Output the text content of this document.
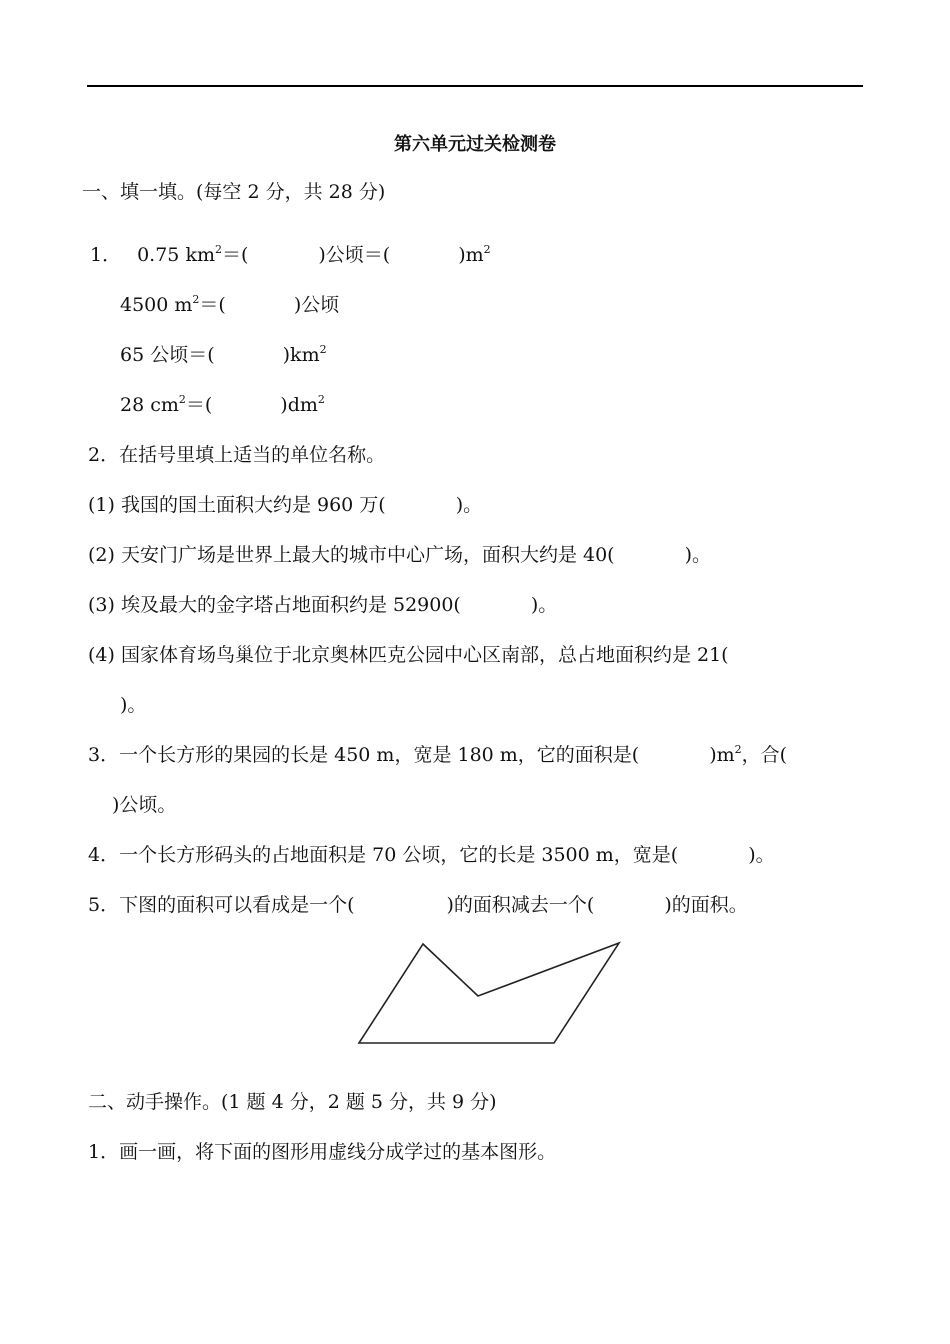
第六单元过关检测卷
一、填一填。(每空 2 分，共 28 分)
1． 0.75 $km^2=$(	)公顷＝(	)$m^2$
4500 $m^2=$(	)公顷
65 公顷＝(	)$km^2$
28 $cm^2=$(	)$dm^2$
2．在括号里填上适当的单位名称。
(1) 我国的国土面积大约是 960 万(	)。
(2) 天安门广场是世界上最大的城市中心广场，面积大约是 40(	)。
(3) 埃及最大的金字塔占地面积约是 52900(	)。
(4) 国家体育场鸟巢位于北京奥林匹克公园中心区南部，总占地面积约是 21(
)。
3．一个长方形的果园的长是 450 m，宽是 180 m，它的面积是(	)$m^2$，合(
)公顷。
4．一个长方形码头的占地面积是 70 公顷，它的长是 3500 m，宽是(	)。
5．下图的面积可以看成是一个(	)的面积减去一个(	)的面积。
二、动手操作。(1 题 4 分，2 题 5 分，共 9 分)
1．画一画，将下面的图形用虚线分成学过的基本图形。
